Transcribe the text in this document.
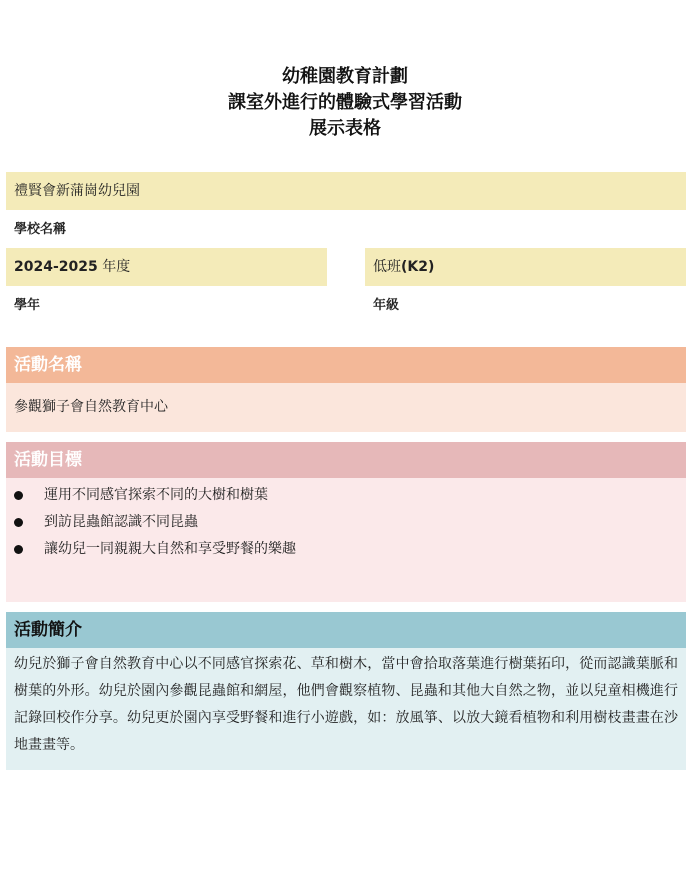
幼稚園教育計劃
課室外進行的體驗式學習活動
展示表格
禮賢會新蒲崗幼兒園
學校名稱
2024-2025 年度
學年
低班(K2)
年級
活動名稱
參觀獅子會自然教育中心
活動目標
運用不同感官探索不同的大樹和樹葉
到訪昆蟲館認識不同昆蟲
讓幼兒一同親親大自然和享受野餐的樂趣
活動簡介

幼兒於獅子會自然教育中心以不同感官探索花、草和樹木，當中會拾取落葉進行樹葉拓印，從而認識葉脈和樹葉的外形。幼兒於園內參觀昆蟲館和網屋，他們會觀察植物、昆蟲和其他大自然之物，並以兒童相機進行記錄回校作分享。幼兒更於園內享受野餐和進行小遊戲，如：放風箏、以放大鏡看植物和利用樹枝畫畫在沙地畫畫等。
